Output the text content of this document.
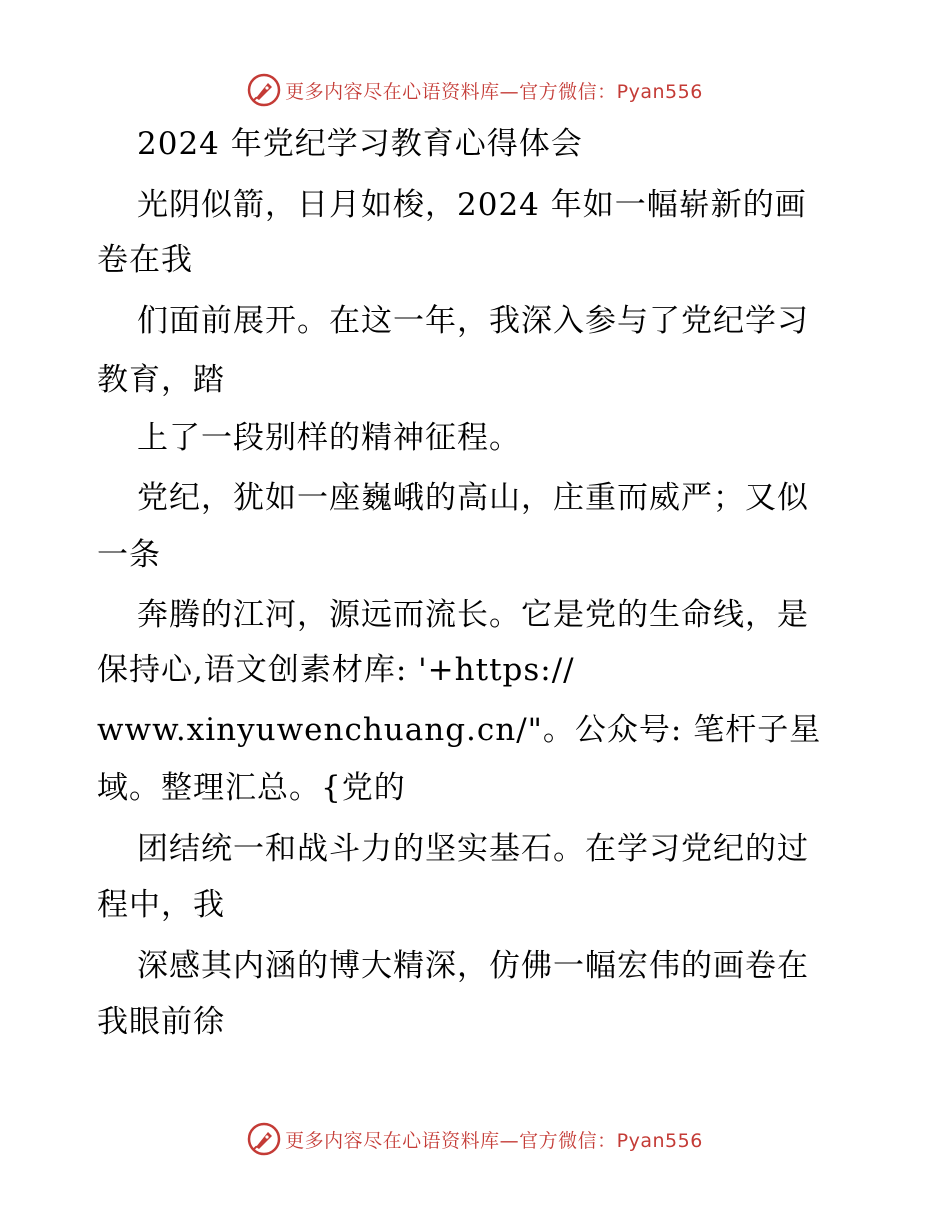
更多内容尽在心语资料库—官方微信：Pyan556
2024 年党纪学习教育心得体会
光阴似箭，日月如梭，2024 年如一幅崭新的画
卷在我
们面前展开。在这一年，我深入参与了党纪学习
教育，踏
上了一段别样的精神征程。
党纪，犹如一座巍峨的高山，庄重而威严；又似
一条
奔腾的江河，源远而流长。它是党的生命线，是
保持心,语文创素材库: '+https://
www.xinyuwenchuang.cn/"。公众号: 笔杆子星
域。整理汇总。{党的
团结统一和战斗力的坚实基石。在学习党纪的过
程中，我
深感其内涵的博大精深，仿佛一幅宏伟的画卷在
我眼前徐
更多内容尽在心语资料库—官方微信：Pyan556
